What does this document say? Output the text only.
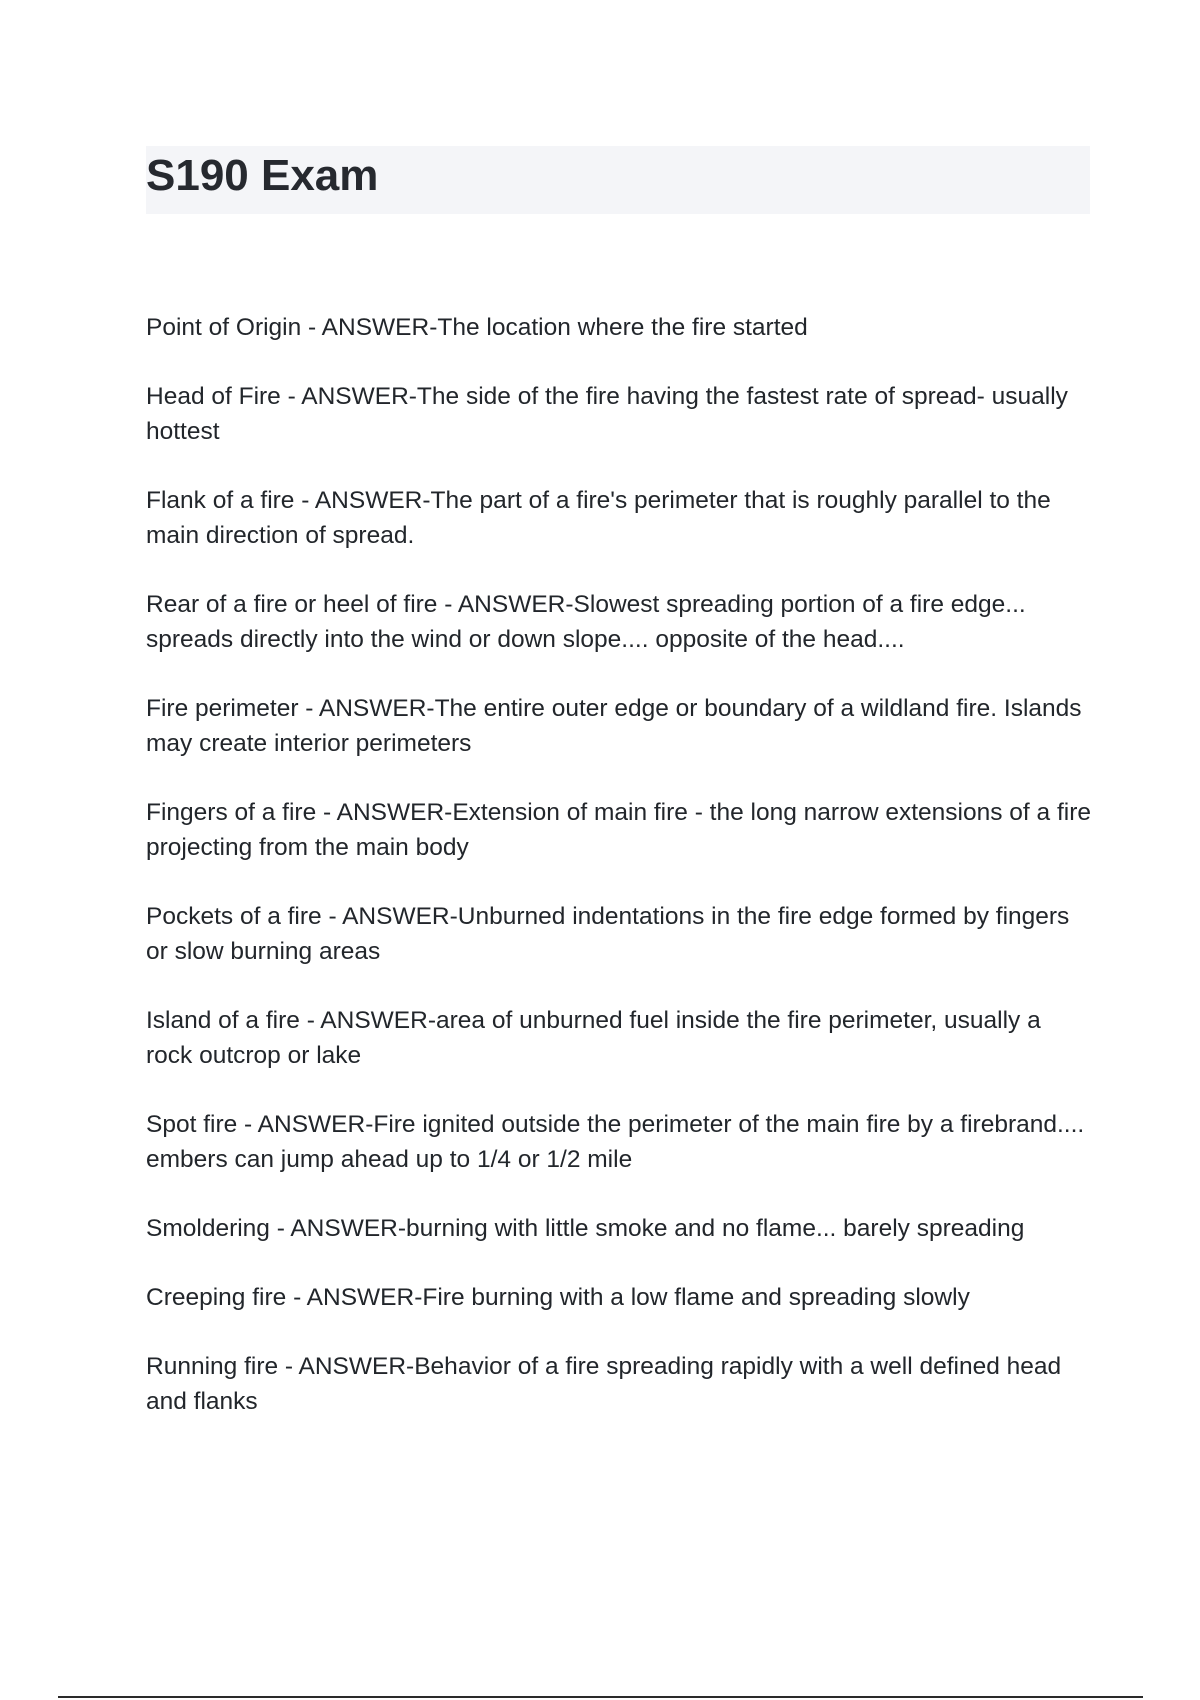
S190 Exam

Point of Origin - ANSWER-The location where the fire started

Head of Fire - ANSWER-The side of the fire having the fastest rate of spread- usually hottest

Flank of a fire - ANSWER-The part of a fire's perimeter that is roughly parallel to the main direction of spread.

Rear of a fire or heel of fire - ANSWER-Slowest spreading portion of a fire edge... spreads directly into the wind or down slope.... opposite of the head....

Fire perimeter - ANSWER-The entire outer edge or boundary of a wildland fire. Islands may create interior perimeters

Fingers of a fire - ANSWER-Extension of main fire - the long narrow extensions of a fire projecting from the main body

Pockets of a fire - ANSWER-Unburned indentations in the fire edge formed by fingers or slow burning areas

Island of a fire - ANSWER-area of unburned fuel inside the fire perimeter, usually a rock outcrop or lake

Spot fire - ANSWER-Fire ignited outside the perimeter of the main fire by a firebrand.... embers can jump ahead up to 1/4 or 1/2 mile

Smoldering - ANSWER-burning with little smoke and no flame... barely spreading

Creeping fire - ANSWER-Fire burning with a low flame and spreading slowly

Running fire - ANSWER-Behavior of a fire spreading rapidly with a well defined head and flanks
